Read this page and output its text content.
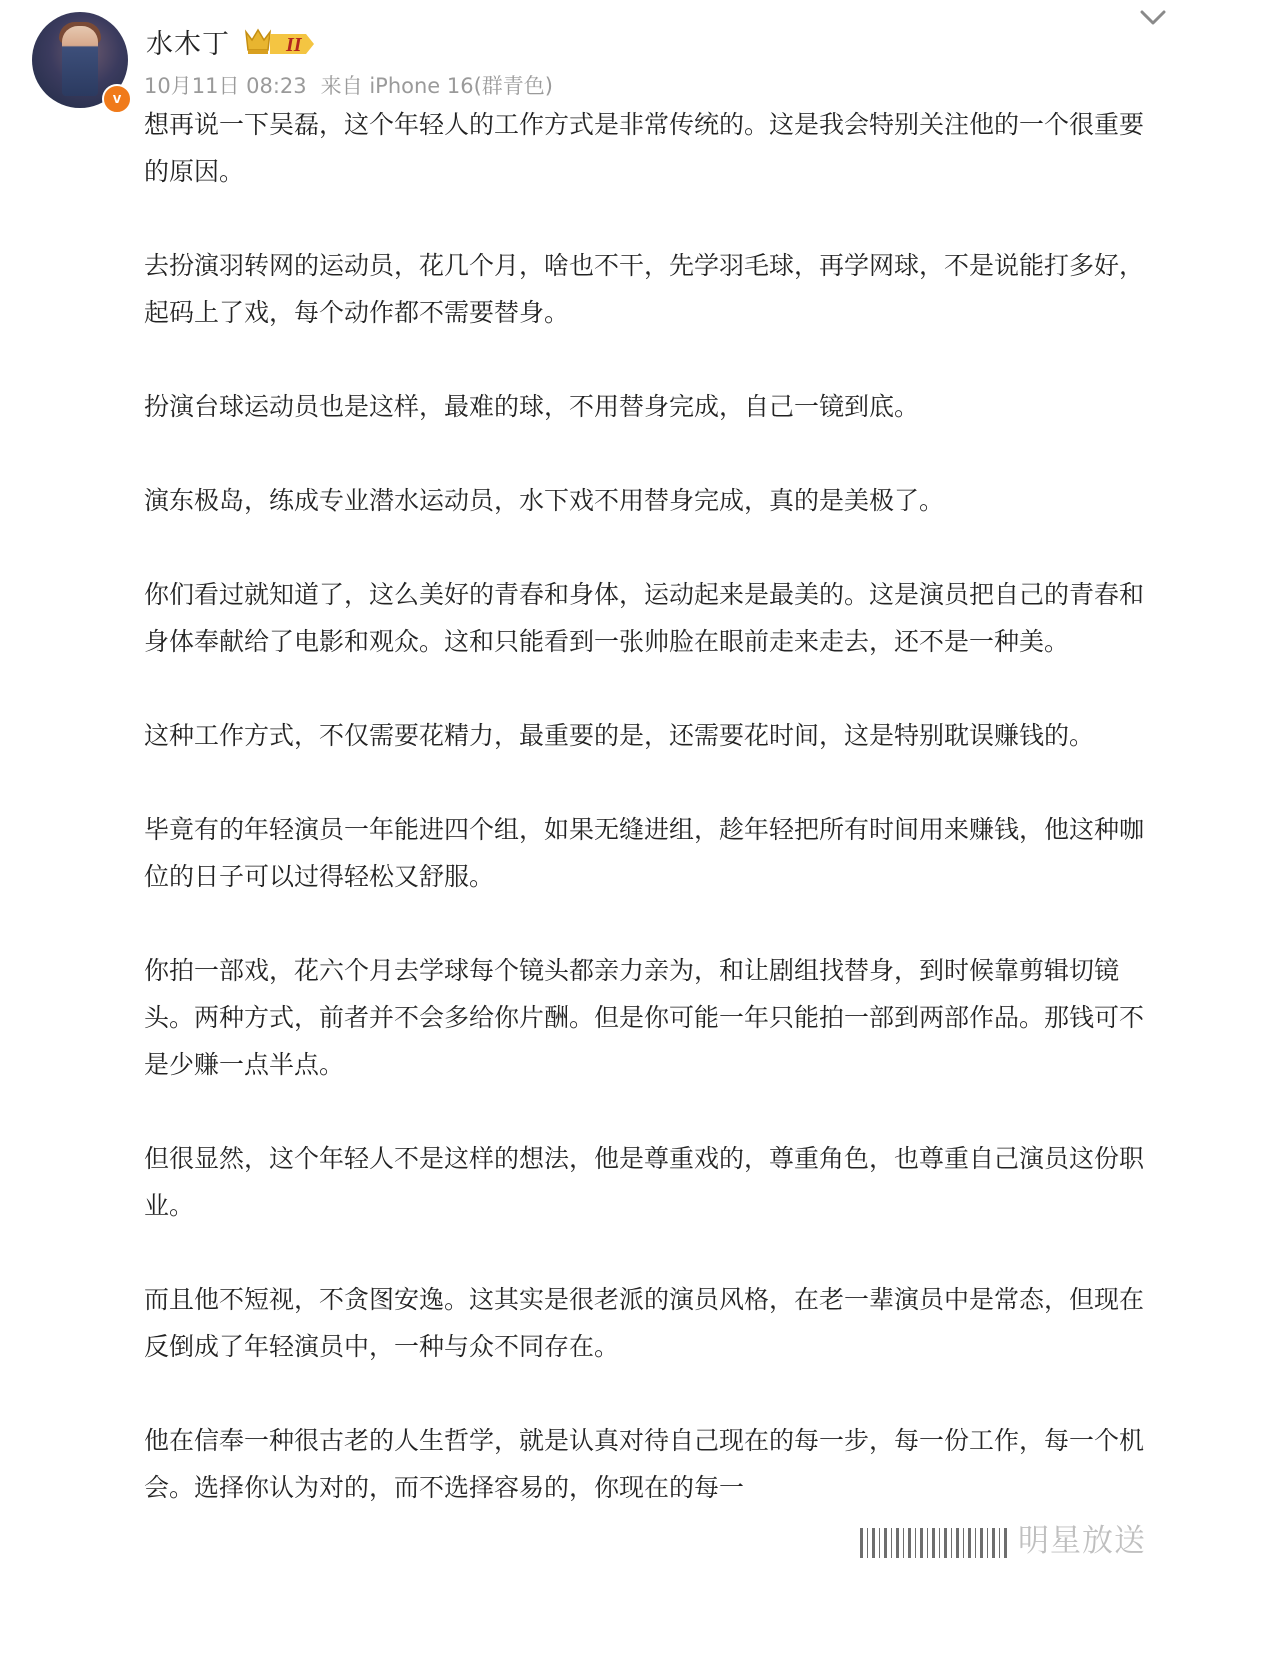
v
水木丁	II
10月11日 08:23 来自 iPhone 16(群青色)

想再说一下吴磊，这个年轻人的工作方式是非常传统的。这是我会特别关注他的一个很重要的原因。

去扮演羽转网的运动员，花几个月，啥也不干，先学羽毛球，再学网球，不是说能打多好，起码上了戏，每个动作都不需要替身。

扮演台球运动员也是这样，最难的球，不用替身完成，自己一镜到底。

演东极岛，练成专业潜水运动员，水下戏不用替身完成，真的是美极了。

你们看过就知道了，这么美好的青春和身体，运动起来是最美的。这是演员把自己的青春和身体奉献给了电影和观众。这和只能看到一张帅脸在眼前走来走去，还不是一种美。

这种工作方式，不仅需要花精力，最重要的是，还需要花时间，这是特别耽误赚钱的。

毕竟有的年轻演员一年能进四个组，如果无缝进组，趁年轻把所有时间用来赚钱，他这种咖位的日子可以过得轻松又舒服。

你拍一部戏，花六个月去学球每个镜头都亲力亲为，和让剧组找替身，到时候靠剪辑切镜头。两种方式，前者并不会多给你片酬。但是你可能一年只能拍一部到两部作品。那钱可不是少赚一点半点。

但很显然，这个年轻人不是这样的想法，他是尊重戏的，尊重角色，也尊重自己演员这份职业。

而且他不短视，不贪图安逸。这其实是很老派的演员风格，在老一辈演员中是常态，但现在反倒成了年轻演员中，一种与众不同存在。

他在信奉一种很古老的人生哲学，就是认真对待自己现在的每一步，每一份工作，每一个机会。选择你认为对的，而不选择容易的，你现在的每一

明星放送
